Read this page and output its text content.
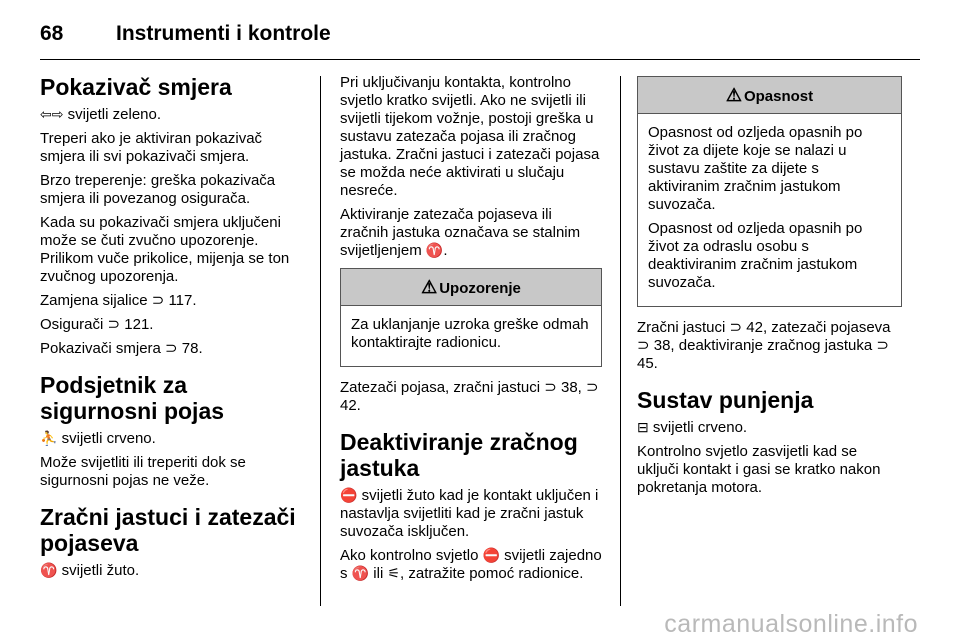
68	Instrumenti i kontrole
Pokazivač smjera

⇦⇨ svijetli zeleno.

Treperi ako je aktiviran pokazivač smjera ili svi pokazivači smjera.

Brzo treperenje: greška pokazivača smjera ili povezanog osigurača.

Kada su pokazivači smjera uključeni može se čuti zvučno upozorenje. Prilikom vuče prikolice, mijenja se ton zvučnog upozorenja.

Zamjena sijalice ⊃ 117.

Osigurači ⊃ 121.

Pokazivači smjera ⊃ 78.

Podsjetnik za sigurnosni pojas

⛹ svijetli crveno.

Može svijetliti ili treperiti dok se sigurnosni pojas ne veže.

Zračni jastuci i zatezači pojaseva

♈ svijetli žuto.

Pri uključivanju kontakta, kontrolno svjetlo kratko svijetli. Ako ne svijetli ili svijetli tijekom vožnje, postoji greška u sustavu zatezača pojasa ili zračnog jastuka. Zračni jastuci i zatezači pojasa se možda neće aktivirati u slučaju nesreće.

Aktiviranje zatezača pojaseva ili zračnih jastuka označava se stalnim svijetljenjem ♈.

⚠ Upozorenje

Za uklanjanje uzroka greške odmah kontaktirajte radionicu.

Zatezači pojasa, zračni jastuci ⊃ 38, ⊃ 42.

Deaktiviranje zračnog jastuka

⛔ svijetli žuto kad je kontakt uključen i nastavlja svijetliti kad je zračni jastuk suvozača isključen.

Ako kontrolno svjetlo ⛔ svijetli zajedno s ♈ ili ⚟, zatražite pomoć radionice.

⚠ Opasnost

Opasnost od ozljeda opasnih po život za dijete koje se nalazi u sustavu zaštite za dijete s aktiviranim zračnim jastukom suvozača.

Opasnost od ozljeda opasnih po život za odraslu osobu s deaktiviranim zračnim jastukom suvozača.

Zračni jastuci ⊃ 42, zatezači pojaseva ⊃ 38, deaktiviranje zračnog jastuka ⊃ 45.

Sustav punjenja

⊟ svijetli crveno.

Kontrolno svjetlo zasvijetli kad se uključi kontakt i gasi se kratko nakon pokretanja motora.

carmanualsonline.info
